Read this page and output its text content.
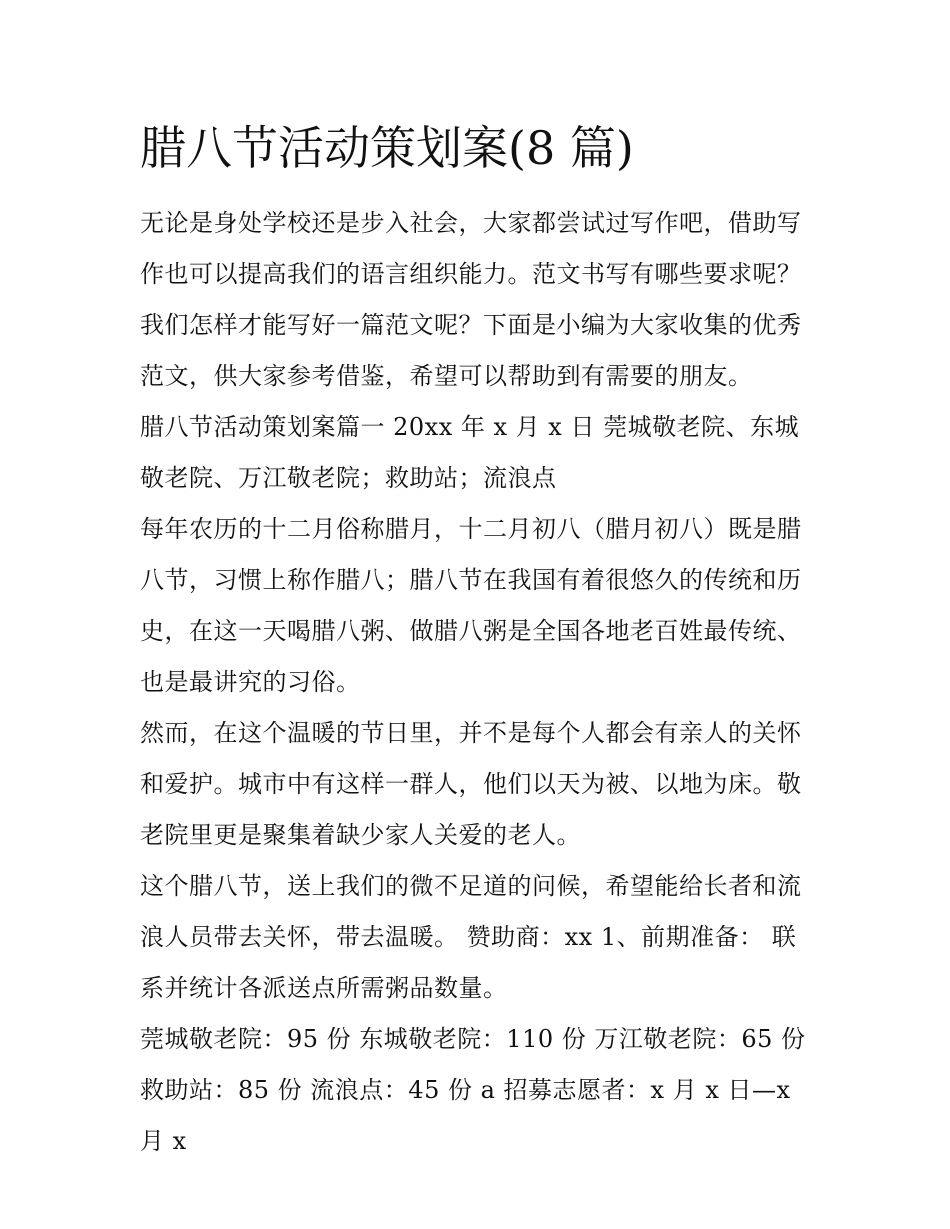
腊八节活动策划案(8 篇)

无论是身处学校还是步入社会，大家都尝试过写作吧，借助写作也可以提高我们的语言组织能力。范文书写有哪些要求呢？我们怎样才能写好一篇范文呢？下面是小编为大家收集的优秀范文，供大家参考借鉴，希望可以帮助到有需要的朋友。

腊八节活动策划案篇一 20xx 年 x 月 x 日 莞城敬老院、东城敬老院、万江敬老院；救助站；流浪点

每年农历的十二月俗称腊月，十二月初八（腊月初八）既是腊八节，习惯上称作腊八；腊八节在我国有着很悠久的传统和历史，在这一天喝腊八粥、做腊八粥是全国各地老百姓最传统、也是最讲究的习俗。

然而，在这个温暖的节日里，并不是每个人都会有亲人的关怀和爱护。城市中有这样一群人，他们以天为被、以地为床。敬老院里更是聚集着缺少家人关爱的老人。

这个腊八节，送上我们的微不足道的问候，希望能给长者和流浪人员带去关怀，带去温暖。 赞助商：xx 1、前期准备： 联系并统计各派送点所需粥品数量。

莞城敬老院：95 份 东城敬老院：110 份 万江敬老院：65 份 救助站：85 份 流浪点：45 份 a 招募志愿者：x 月 x 日—x 月 x
